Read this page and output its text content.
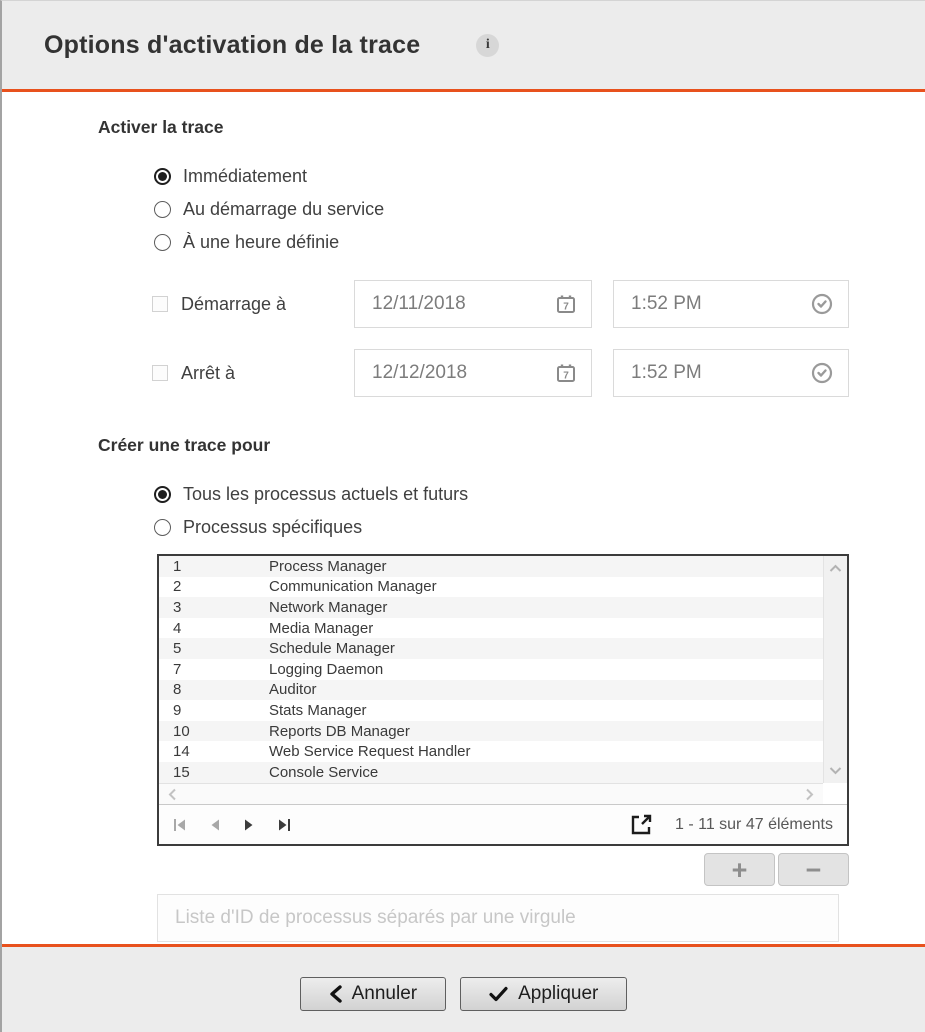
Options d'activation de la trace	i
Activer la trace
Immédiatement
Au démarrage du service
À une heure définie
Démarrage à	12/11/2018	7	1:52 PM
Arrêt à	12/12/2018	7	1:52 PM
Créer une trace pour
Tous les processus actuels et futurs
Processus spécifiques
1	Process Manager
2	Communication Manager
3	Network Manager
4	Media Manager
5	Schedule Manager
7	Logging Daemon
8	Auditor
9	Stats Manager
10	Reports DB Manager
14	Web Service Request Handler
15	Console Service
1 - 11 sur 47 éléments
+	−
Liste d'ID de processus séparés par une virgule
Annuler	Appliquer
